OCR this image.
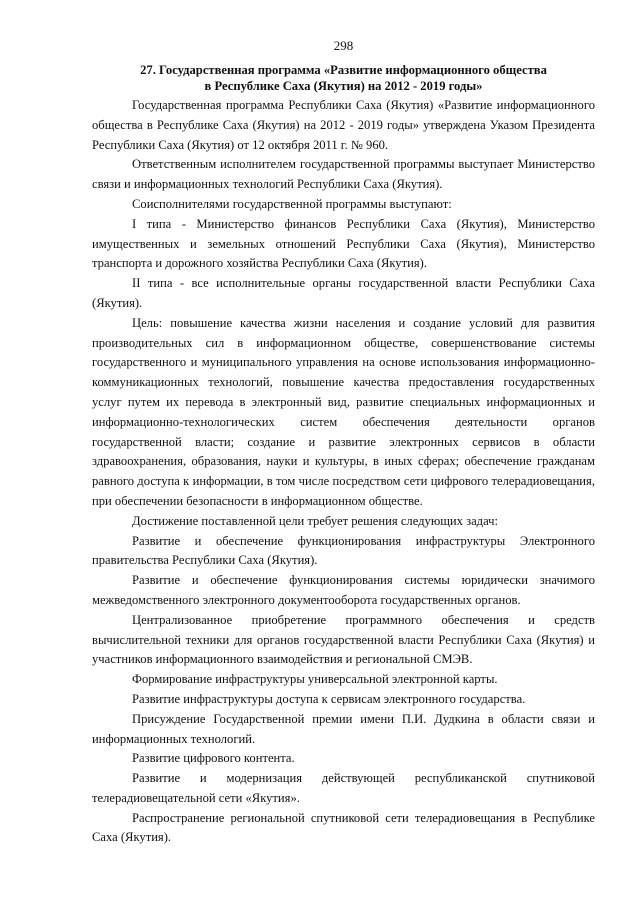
298
27. Государственная программа «Развитие информационного общества
в Республике Саха (Якутия) на 2012 - 2019 годы»

Государственная программа Республики Саха (Якутия) «Развитие информационного общества в Республике Саха (Якутия) на 2012 - 2019 годы» утверждена Указом Президента Республики Саха (Якутия) от 12 октября 2011 г. № 960.

Ответственным исполнителем государственной программы выступает Министерство связи и информационных технологий Республики Саха (Якутия).

Соисполнителями государственной программы выступают:

I типа - Министерство финансов Республики Саха (Якутия), Министерство имущественных и земельных отношений Республики Саха (Якутия), Министерство транспорта и дорожного хозяйства Республики Саха (Якутия).

II типа - все исполнительные органы государственной власти Республики Саха (Якутия).

Цель: повышение качества жизни населения и создание условий для развития производительных сил в информационном обществе, совершенствование системы государственного и муниципального управления на основе использования информационно-коммуникационных технологий, повышение качества предоставления государственных услуг путем их перевода в электронный вид, развитие специальных информационных и информационно-технологических систем обеспечения деятельности органов государственной власти; создание и развитие электронных сервисов в области здравоохранения, образования, науки и культуры, в иных сферах; обеспечение гражданам равного доступа к информации, в том числе посредством сети цифрового телерадиовещания, при обеспечении безопасности в информационном обществе.

Достижение поставленной цели требует решения следующих задач:

Развитие и обеспечение функционирования инфраструктуры Электронного правительства Республики Саха (Якутия).

Развитие и обеспечение функционирования системы юридически значимого межведомственного электронного документооборота государственных органов.

Централизованное приобретение программного обеспечения и средств вычислительной техники для органов государственной власти Республики Саха (Якутия) и участников информационного взаимодействия и региональной СМЭВ.

Формирование инфраструктуры универсальной электронной карты.

Развитие инфраструктуры доступа к сервисам электронного государства.

Присуждение Государственной премии имени П.И. Дудкина в области связи и информационных технологий.

Развитие цифрового контента.

Развитие и модернизация действующей республиканской спутниковой телерадиовещательной сети «Якутия».

Распространение региональной спутниковой сети телерадиовещания в Республике Саха (Якутия).
